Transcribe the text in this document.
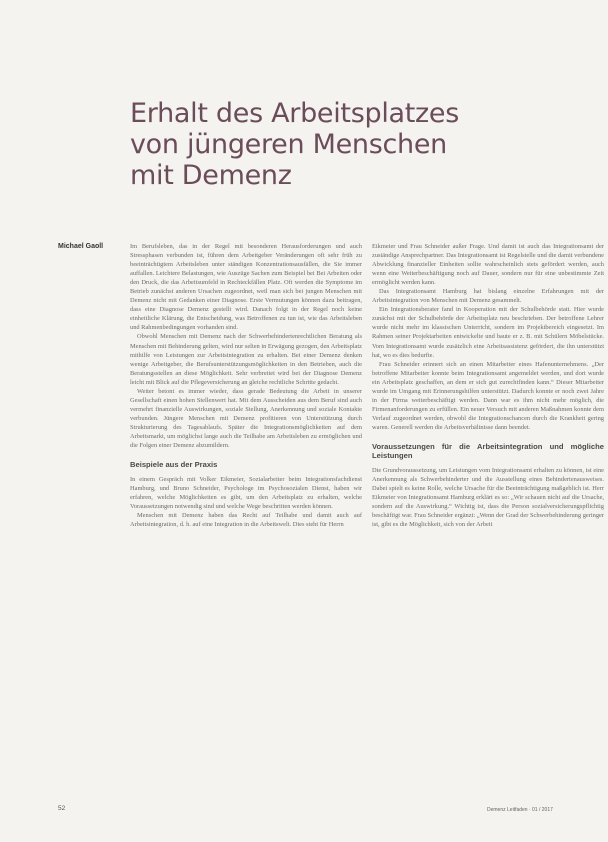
Erhalt des Arbeitsplatzes
von jüngeren Menschen
mit Demenz
Michael Gaoll	Im Berufsleben, das in der Regel mit besonderen Herausforderungen und auch Stressphasen verbunden ist, führen dem Arbeitgeber Veränderungen oft sehr früh zu beeinträchtigtem Arbeitsleben unter ständigen Konzentrationsausfällen, die Sie immer auffallen. Leichtere Belastungen, wie Auszüge Sachen zum Beispiel bei Bei Arbeiten oder den Druck, die das Arbeitsumfeld in Rechteckfällen Platz. Oft werden die Symptome im Betrieb zunächst anderen Ursachen zugeordnet, weil man sich bei jungen Menschen mit Demenz nicht mit Gedanken einer Diagnose. Erste Vermutungen können dazu beitragen, dass eine Diagnose Demenz gestellt wird. Danach folgt in der Regel noch keine einheitliche Klärung, die Entscheidung, was Betroffenen zu tun ist, wie das Arbeitsleben und Rahmenbedingungen vorhanden sind.

Obwohl Menschen mit Demenz nach der Schwerbehindertenrechtlichen Beratung als Menschen mit Behinderung gelten, wird nur selten in Erwägung gezogen, den Arbeitsplatz mithilfe von Leistungen zur Arbeitsintegration zu erhalten. Bei einer Demenz denken wenige Arbeitgeber, die Berufsunterstützungsmöglichkeiten in den Betrieben, auch die Beratungsstellen an diese Möglichkeit. Sehr verbreitet wird bei der Diagnose Demenz leicht mit Blick auf die Pflegeversicherung an gleiche rechtliche Schritte gedacht.

Weiter betont es immer wieder, dass gerade Bedeutung die Arbeit in unserer Gesellschaft einen hohen Stellenwert hat. Mit dem Ausscheiden aus dem Beruf sind auch vermehrt finanzielle Auswirkungen, soziale Stellung, Anerkennung und soziale Kontakte verbunden. Jüngere Menschen mit Demenz profitieren von Unterstützung durch Strukturierung des Tagesablaufs. Später die Integrationsmöglichkeiten auf dem Arbeitsmarkt, um möglichst lange auch die Teilhabe am Arbeitsleben zu ermöglichen und die Folgen einer Demenz abzumildern.

Beispiele aus der Praxis

In einem Gespräch mit Volker Eikmeier, Sozialarbeiter beim Integrationsfachdienst Hamburg, und Bruno Schneider, Psychologe im Psychosozialen Dienst, haben wir erfahren, welche Möglichkeiten es gibt, um den Arbeitsplatz zu erhalten, welche Voraussetzungen notwendig sind und welche Wege beschritten werden können.

Menschen mit Demenz haben das Recht auf Teilhabe und damit auch auf Arbeitsintegration, d. h. auf eine Integration in die Arbeitswelt. Dies steht für Herrn

Eikmeier und Frau Schneider außer Frage. Und damit ist auch das Integrationsamt der zuständige Ansprechpartner. Das Integrationsamt ist Regelstelle und die damit verbundene Abwicklung finanzieller Einheiten sollte wahrscheinlich stets gefördert werden, auch wenn eine Weiterbeschäftigung noch auf Dauer, sondern nur für eine unbestimmte Zeit ermöglicht werden kann.

Das Integrationsamt Hamburg hat bislang einzelne Erfahrungen mit der Arbeitsintegration von Menschen mit Demenz gesammelt.

Ein Integrationsberater fand in Kooperation mit der Schulbehörde statt. Hier wurde zunächst mit der Schulbehörde der Arbeitsplatz neu beschrieben. Der betroffene Lehrer wurde nicht mehr im klassischen Unterricht, sondern im Projektbereich eingesetzt. Im Rahmen seiner Projektarbeiten entwickelte und baute er z. B. mit Schülern Möbelstücke. Vom Integrationsamt wurde zusätzlich eine Arbeitsassistenz gefördert, die ihn unterstützt hat, wo es dies bedurfte.

Frau Schneider erinnert sich an einen Mitarbeiter eines Hafenunternehmens. „Der betroffene Mitarbeiter konnte beim Integrationsamt angemeldet werden, und dort wurde ein Arbeitsplatz geschaffen, an dem er sich gut zurechtfinden kann.“ Dieser Mitarbeiter wurde im Umgang mit Erinnerungshilfen unterstützt. Dadurch konnte er noch zwei Jahre in der Firma weiterbeschäftigt werden. Dann war es ihm nicht mehr möglich, die Firmenanforderungen zu erfüllen. Ein neuer Versuch mit anderen Maßnahmen konnte dem Verlauf zugeordnet werden, obwohl die Integrationschancen durch die Krankheit gering waren. Generell werden die Arbeitsverhältnisse dann beendet.

Voraussetzungen für die Arbeitsintegration und mögliche Leistungen

Die Grundvoraussetzung, um Leistungen vom Integrationsamt erhalten zu können, ist eine Anerkennung als Schwerbehinderter und die Ausstellung eines Behindertenausweises. Dabei spielt es keine Rolle, welche Ursache für die Beeinträchtigung maßgeblich ist. Herr Eikmeier von Integrationsamt Hamburg erklärt es so: „Wir schauen nicht auf die Ursache, sondern auf die Auswirkung.“ Wichtig ist, dass die Person sozialversicherungspflichtig beschäftigt war. Frau Schneider ergänzt: „Wenn der Grad der Schwerbehinderung geringer ist, gibt es die Möglichkeit, sich von der Arbeit

52	Demenz Leitfaden · 01 / 2017
